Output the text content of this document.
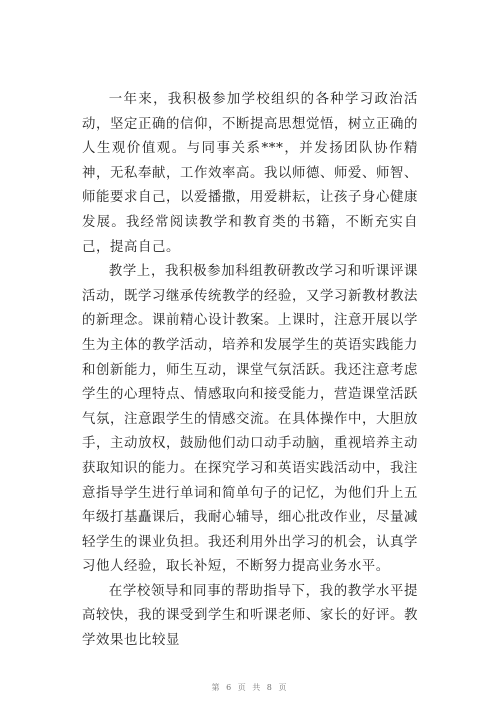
一年来，我积极参加学校组织的各种学习政治活动，坚定正确的信仰，不断提高思想觉悟，树立正确的人生观价值观。与同事关系***，并发扬团队协作精神，无私奉献，工作效率高。我以师德、师爱、师智、师能要求自己，以爱播撒，用爱耕耘，让孩子身心健康发展。我经常阅读教学和教育类的书籍，不断充实自己，提高自己。

教学上，我积极参加科组教研教改学习和听课评课活动，既学习继承传统教学的经验，又学习新教材教法的新理念。课前精心设计教案。上课时，注意开展以学生为主体的教学活动，培养和发展学生的英语实践能力和创新能力，师生互动，课堂气氛活跃。我还注意考虑学生的心理特点、情感取向和接受能力，营造课堂活跃气氛，注意跟学生的情感交流。在具体操作中，大胆放手，主动放权，鼓励他们动口动手动脑，重视培养主动获取知识的能力。在探究学习和英语实践活动中，我注意指导学生进行单词和简单句子的记忆，为他们升上五年级打基矗课后，我耐心辅导，细心批改作业，尽量减轻学生的课业负担。我还利用外出学习的机会，认真学习他人经验，取长补短，不断努力提高业务水平。

在学校领导和同事的帮助指导下，我的教学水平提高较快，我的课受到学生和听课老师、家长的好评。教学效果也比较显

第 6 页 共 8 页
